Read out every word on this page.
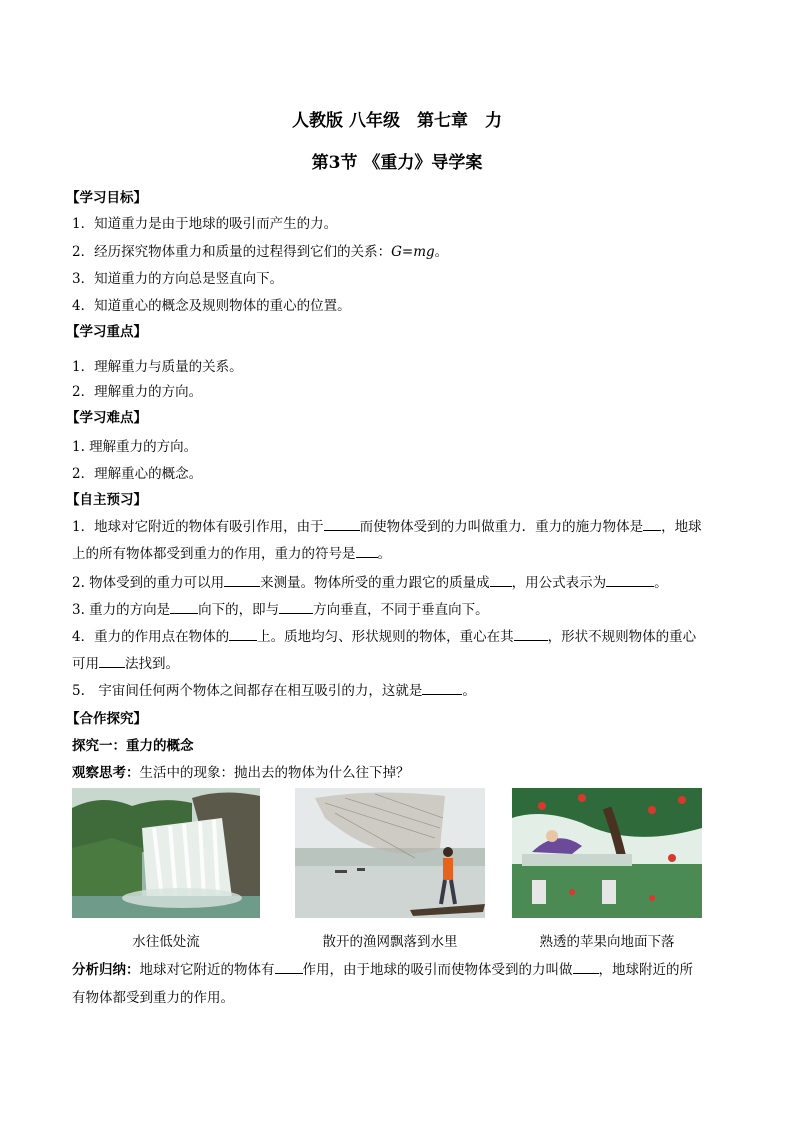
人教版 八年级　第七章　力
第3节 《重力》导学案
【学习目标】
1．知道重力是由于地球的吸引而产生的力。
2．经历探究物体重力和质量的过程得到它们的关系：G=mg。
3．知道重力的方向总是竖直向下。
4．知道重心的概念及规则物体的重心的位置。
【学习重点】
1．理解重力与质量的关系。
2．理解重力的方向。
【学习难点】
1. 理解重力的方向。
2．理解重心的概念。
【自主预习】
1．地球对它附近的物体有吸引作用，由于	而使物体受到的力叫做重力．重力的施力物体是 ，地球
上的所有物体都受到重力的作用，重力的符号是 。
2. 物体受到的重力可以用	来测量。物体所受的重力跟它的质量成 ，用公式表示为	。
3. 重力的方向是 向下的，即与	方向垂直，不同于垂直向下。
4．重力的作用点在物体的 上。质地均匀、形状规则的物体，重心在其	，形状不规则物体的重心
可用 法找到。
5.　宇宙间任何两个物体之间都存在相互吸引的力，这就是	。
【合作探究】
探究一：重力的概念
观察思考：生活中的现象：抛出去的物体为什么往下掉？
水往低处流	散开的渔网飘落到水里	熟透的苹果向地面下落
分析归纳：地球对它附近的物体有 作用，由于地球的吸引而使物体受到的力叫做 ，地球附近的所
有物体都受到重力的作用。
